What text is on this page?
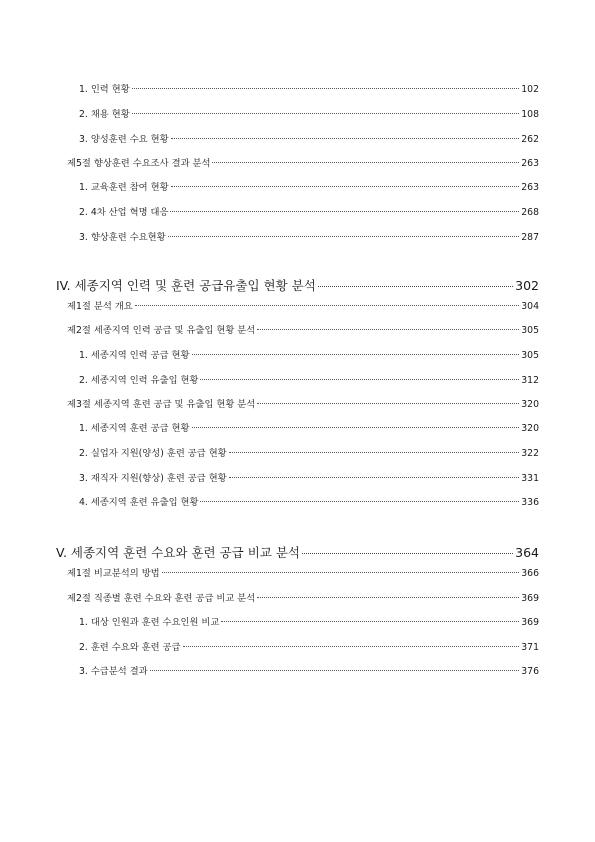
1. 인력 현황	102
2. 채용 현황	108
3. 양성훈련 수요 현황	262
제5절 향상훈련 수요조사 결과 분석	263
1. 교육훈련 참여 현황	263
2. 4차 산업 혁명 대응	268
3. 향상훈련 수요현황	287
IV. 세종지역 인력 및 훈련 공급유출입 현황 분석	302
제1절 분석 개요	304
제2절 세종지역 인력 공급 및 유출입 현황 분석	305
1. 세종지역 인력 공급 현황	305
2. 세종지역 인력 유출입 현황	312
제3절 세종지역 훈련 공급 및 유출입 현황 분석	320
1. 세종지역 훈련 공급 현황	320
2. 실업자 지원(양성) 훈련 공급 현황	322
3. 재직자 지원(향상) 훈련 공급 현황	331
4. 세종지역 훈련 유출입 현황	336
V. 세종지역 훈련 수요와 훈련 공급 비교 분석	364
제1절 비교분석의 방법	366
제2절 직종별 훈련 수요와 훈련 공급 비교 분석	369
1. 대상 인원과 훈련 수요인원 비교	369
2. 훈련 수요와 훈련 공급	371
3. 수급분석 결과	376
